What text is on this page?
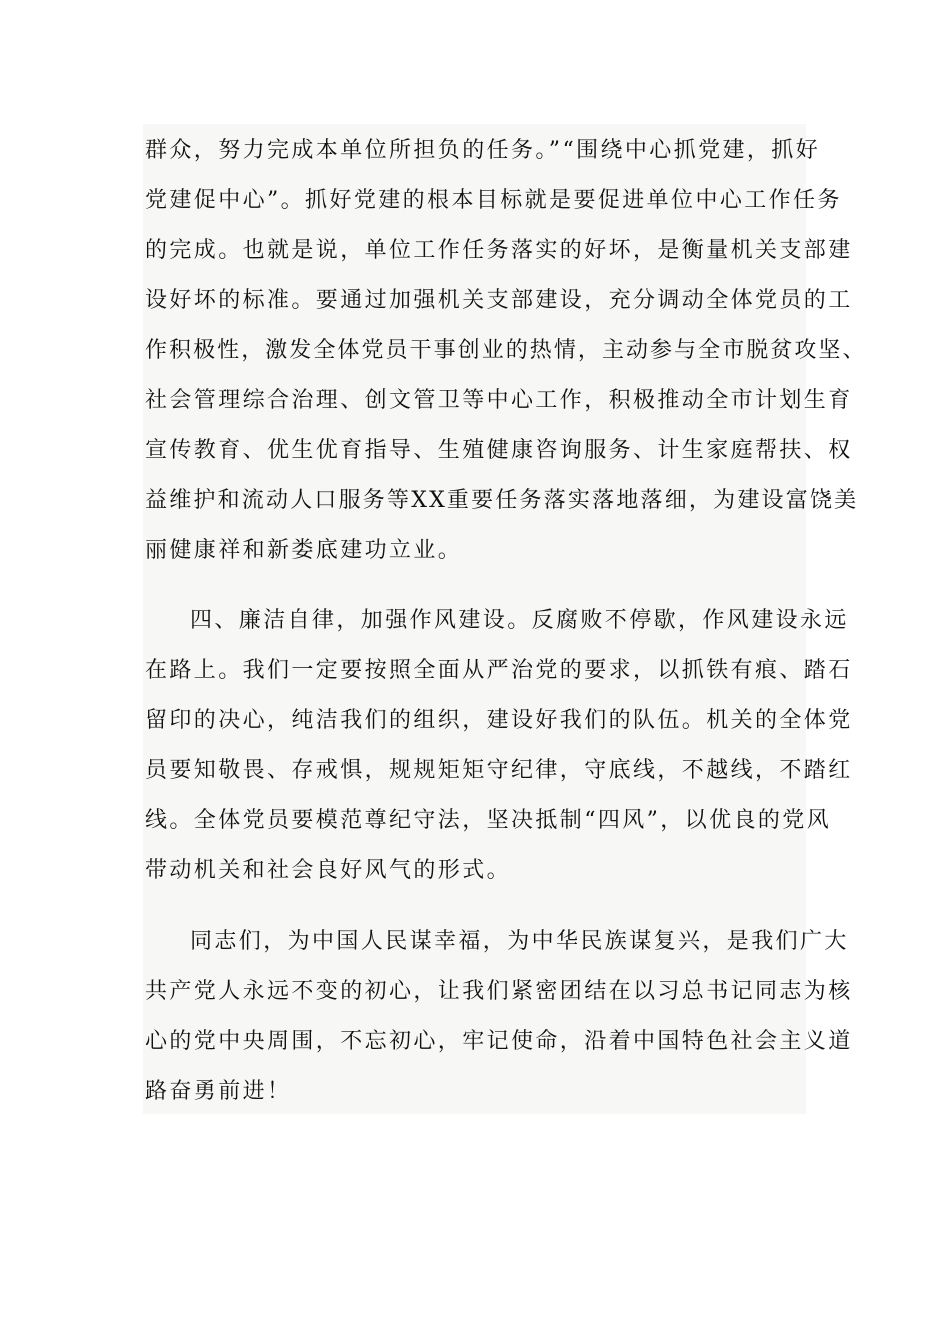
群众，努力完成本单位所担负的任务。”“围绕中心抓党建，抓好
党建促中心”。抓好党建的根本目标就是要促进单位中心工作任务
的完成。也就是说，单位工作任务落实的好坏，是衡量机关支部建
设好坏的标准。要通过加强机关支部建设，充分调动全体党员的工
作积极性，激发全体党员干事创业的热情，主动参与全市脱贫攻坚、
社会管理综合治理、创文管卫等中心工作，积极推动全市计划生育
宣传教育、优生优育指导、生殖健康咨询服务、计生家庭帮扶、权
益维护和流动人口服务等XX重要任务落实落地落细，为建设富饶美
丽健康祥和新娄底建功立业。
四、廉洁自律，加强作风建设。反腐败不停歇，作风建设永远
在路上。我们一定要按照全面从严治党的要求，以抓铁有痕、踏石
留印的决心，纯洁我们的组织，建设好我们的队伍。机关的全体党
员要知敬畏、存戒惧，规规矩矩守纪律，守底线，不越线，不踏红
线。全体党员要模范尊纪守法，坚决抵制“四风”，以优良的党风
带动机关和社会良好风气的形式。
同志们，为中国人民谋幸福，为中华民族谋复兴，是我们广大
共产党人永远不变的初心，让我们紧密团结在以习总书记同志为核
心的党中央周围，不忘初心，牢记使命，沿着中国特色社会主义道
路奋勇前进！
